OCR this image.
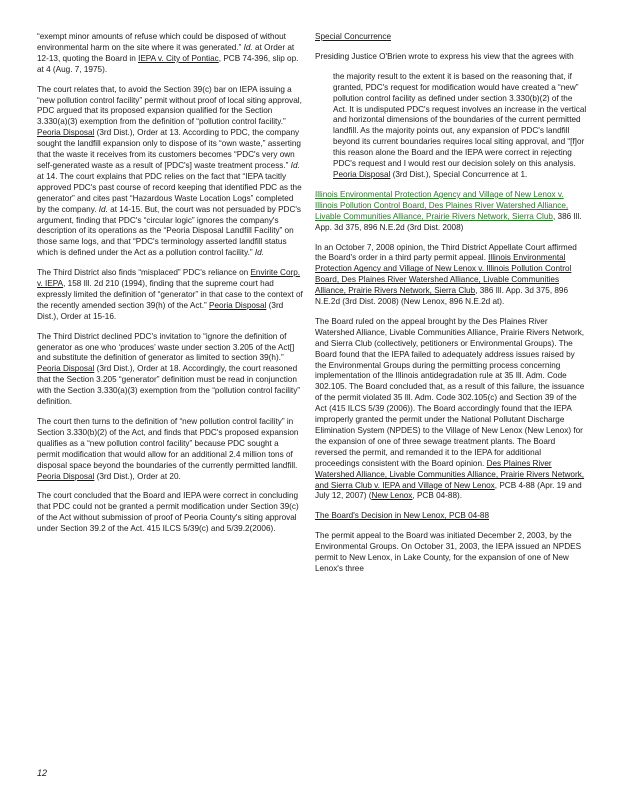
“exempt minor amounts of refuse which could be disposed of without environmental harm on the site where it was generated.” Id. at Order at 12-13, quoting the Board in IEPA v. City of Pontiac, PCB 74-396, slip op. at 4 (Aug. 7, 1975).

The court relates that, to avoid the Section 39(c) bar on IEPA issuing a “new pollution control facility” permit without proof of local siting approval, PDC argued that its proposed expansion qualified for the Section 3.330(a)(3) exemption from the definition of “pollution control facility.” Peoria Disposal (3rd Dist.), Order at 13. According to PDC, the company sought the landfill expansion only to dispose of its “own waste,” asserting that the waste it receives from its customers becomes “PDC's very own self-generated waste as a result of [PDC's] waste treatment process.” Id. at 14. The court explains that PDC relies on the fact that “IEPA tacitly approved PDC's past course of record keeping that identified PDC as the generator” and cites past “Hazardous Waste Location Logs” completed by the company. Id. at 14-15. But, the court was not persuaded by PDC's argument, finding that PDC's “circular logic” ignores the company's description of its operations as the “Peoria Disposal Landfill Facility” on those same logs, and that “PDC's terminology asserted landfill status which is defined under the Act as a pollution control facility.” Id.

The Third District also finds “misplaced” PDC's reliance on Envirite Corp. v. IEPA, 158 Ill. 2d 210 (1994), finding that the supreme court had expressly limited the definition of “generator” in that case to the context of the recently amended section 39(h) of the Act.” Peoria Disposal (3rd Dist.), Order at 15-16.

The Third District declined PDC's invitation to “ignore the definition of generator as one who ‘produces’ waste under section 3.205 of the Act[] and substitute the definition of generator as limited to section 39(h).” Peoria Disposal (3rd Dist.), Order at 18. Accordingly, the court reasoned that the Section 3.205 “generator” definition must be read in conjunction with the Section 3.330(a)(3) exemption from the “pollution control facility” definition.

The court then turns to the definition of “new pollution control facility” in Section 3.330(b)(2) of the Act, and finds that PDC's proposed expansion qualifies as a “new pollution control facility” because PDC sought a permit modification that would allow for an additional 2.4 million tons of disposal space beyond the boundaries of the currently permitted landfill. Peoria Disposal (3rd Dist.), Order at 20.

The court concluded that the Board and IEPA were correct in concluding that PDC could not be granted a permit modification under Section 39(c) of the Act without submission of proof of Peoria County's siting approval under Section 39.2 of the Act. 415 ILCS 5/39(c) and 5/39.2(2006).

Special Concurrence

Presiding Justice O'Brien wrote to express his view that the agrees with

the majority result to the extent it is based on the reasoning that, if granted, PDC's request for modification would have created a “new” pollution control facility as defined under section 3.330(b)(2) of the Act. It is undisputed PDC's request involves an increase in the vertical and horizontal dimensions of the boundaries of the current permitted landfill. As the majority points out, any expansion of PDC's landfill beyond its current boundaries requires local siting approval, and “[f]or this reason alone the Board and the IEPA were correct in rejecting PDC's request and I would rest our decision solely on this analysis. Peoria Disposal (3rd Dist.), Special Concurrence at 1.

Illinois Environmental Protection Agency and Village of New Lenox v. Illinois Pollution Control Board, Des Plaines River Watershed Alliance, Livable Communities Alliance, Prairie Rivers Network, Sierra Club, 386 Ill. App. 3d 375, 896 N.E.2d (3rd Dist. 2008)

In an October 7, 2008 opinion, the Third District Appellate Court affirmed the Board's order in a third party permit appeal. Illinois Environmental Protection Agency and Village of New Lenox v. Illinois Pollution Control Board, Des Plaines River Watershed Alliance, Livable Communities Alliance, Prairie Rivers Network, Sierra Club, 386 Ill. App. 3d 375, 896 N.E.2d (3rd Dist. 2008) (New Lenox, 896 N.E.2d at).

The Board ruled on the appeal brought by the Des Plaines River Watershed Alliance, Livable Communities Alliance, Prairie Rivers Network, and Sierra Club (collectively, petitioners or Environmental Groups). The Board found that the IEPA failed to adequately address issues raised by the Environmental Groups during the permitting process concerning implementation of the Illinois antidegradation rule at 35 Ill. Adm. Code 302.105. The Board concluded that, as a result of this failure, the issuance of the permit violated 35 Ill. Adm. Code 302.105(c) and Section 39 of the Act (415 ILCS 5/39 (2006)). The Board accordingly found that the IEPA improperly granted the permit under the National Pollutant Discharge Elimination System (NPDES) to the Village of New Lenox (New Lenox) for the expansion of one of three sewage treatment plants. The Board reversed the permit, and remanded it to the IEPA for additional proceedings consistent with the Board opinion. Des Plaines River Watershed Alliance, Livable Communities Alliance, Prairie Rivers Network, and Sierra Club v. IEPA and Village of New Lenox, PCB 4-88 (Apr. 19 and July 12, 2007) (New Lenox, PCB 04-88).

The Board's Decision in New Lenox, PCB 04-88

The permit appeal to the Board was initiated December 2, 2003, by the Environmental Groups. On October 31, 2003, the IEPA issued an NPDES permit to New Lenox, in Lake County, for the expansion of one of New Lenox's three

12
